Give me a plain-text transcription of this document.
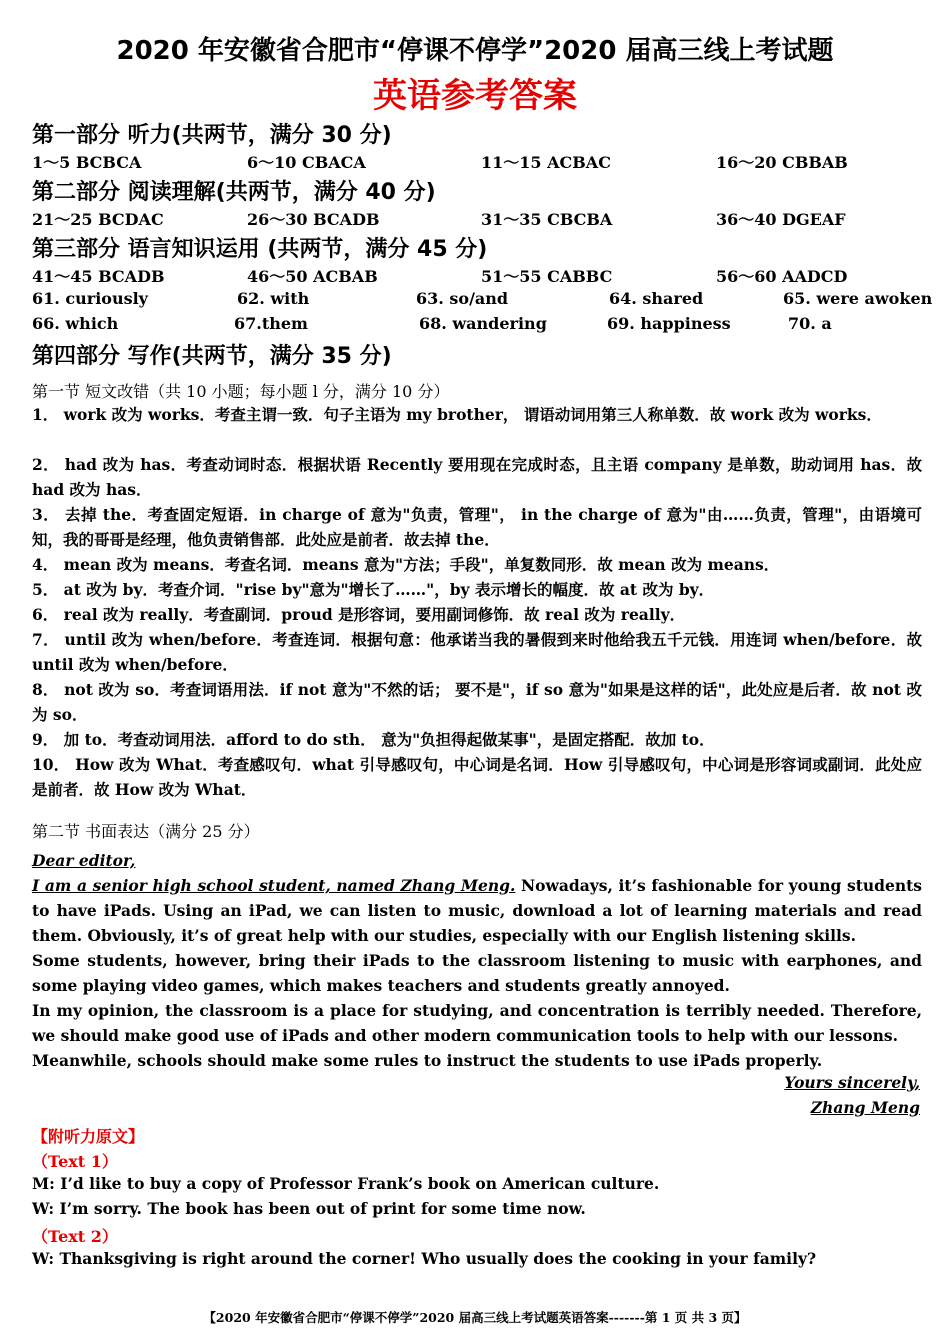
2020 年安徽省合肥市“停课不停学”2020 届高三线上考试题
英语参考答案
第一部分 听力(共两节，满分 30 分)
1～5 BCBCA	6～10 CBACA	11～15 ACBAC	16～20 CBBAB
第二部分 阅读理解(共两节，满分 40 分)
21～25 BCDAC	26～30 BCADB	31～35 CBCBA	36～40 DGEAF
第三部分 语言知识运用 (共两节，满分 45 分)
41～45 BCADB	46～50 ACBAB	51～55 CABBC	56～60 AADCD
61. curiously	62. with	63. so/and	64. shared	65. were awoken
66. which	67.them	68. wandering	69. happiness	70. a
第四部分 写作(共两节，满分 35 分)
第一节 短文改错（共 10 小题；每小题 l 分，满分 10 分）
1． work 改为 works．考查主谓一致．句子主语为 my brother， 谓语动词用第三人称单数．故 work 改为 works．
2． had 改为 has．考查动词时态．根据状语 Recently 要用现在完成时态，且主语 company 是单数，助动词用 has．故 had 改为 has．
3． 去掉 the．考查固定短语．in charge of 意为"负责，管理"， in the charge of 意为"由……负责，管理"，由语境可知，我的哥哥是经理，他负责销售部．此处应是前者．故去掉 the．
4． mean 改为 means．考查名词．means 意为"方法；手段"，单复数同形．故 mean 改为 means．
5． at 改为 by．考查介词．"rise by"意为"增长了……"，by 表示增长的幅度．故 at 改为 by．
6． real 改为 really．考查副词．proud 是形容词，要用副词修饰．故 real 改为 really．
7． until 改为 when/before．考查连词．根据句意：他承诺当我的暑假到来时他给我五千元钱．用连词 when/before．故 until 改为 when/before．
8． not 改为 so．考查词语用法．if not 意为"不然的话； 要不是"，if so 意为"如果是这样的话"，此处应是后者．故 not 改为 so．
9． 加 to．考查动词用法．afford to do sth． 意为"负担得起做某事"，是固定搭配．故加 to．
10． How 改为 What．考查感叹句．what 引导感叹句，中心词是名词．How 引导感叹句，中心词是形容词或副词．此处应是前者．故 How 改为 What．
第二节 书面表达（满分 25 分）
Dear editor,
I am a senior high school student, named Zhang Meng. Nowadays, it’s fashionable for young students to have iPads. Using an iPad, we can listen to music, download a lot of learning materials and read them. Obviously, it’s of great help with our studies, especially with our English listening skills.
Some students, however, bring their iPads to the classroom listening to music with earphones, and some playing video games, which makes teachers and students greatly annoyed.
In my opinion, the classroom is a place for studying, and concentration is terribly needed. Therefore, we should make good use of iPads and other modern communication tools to help with our lessons.
Meanwhile, schools should make some rules to instruct the students to use iPads properly.
Yours sincerely,
Zhang Meng
【附听力原文】
（Text 1）
M: I’d like to buy a copy of Professor Frank’s book on American culture.
W: I’m sorry. The book has been out of print for some time now.
（Text 2）
W: Thanksgiving is right around the corner! Who usually does the cooking in your family?
【2020 年安徽省合肥市“停课不停学”2020 届高三线上考试题英语答案-------第 1 页 共 3 页】
